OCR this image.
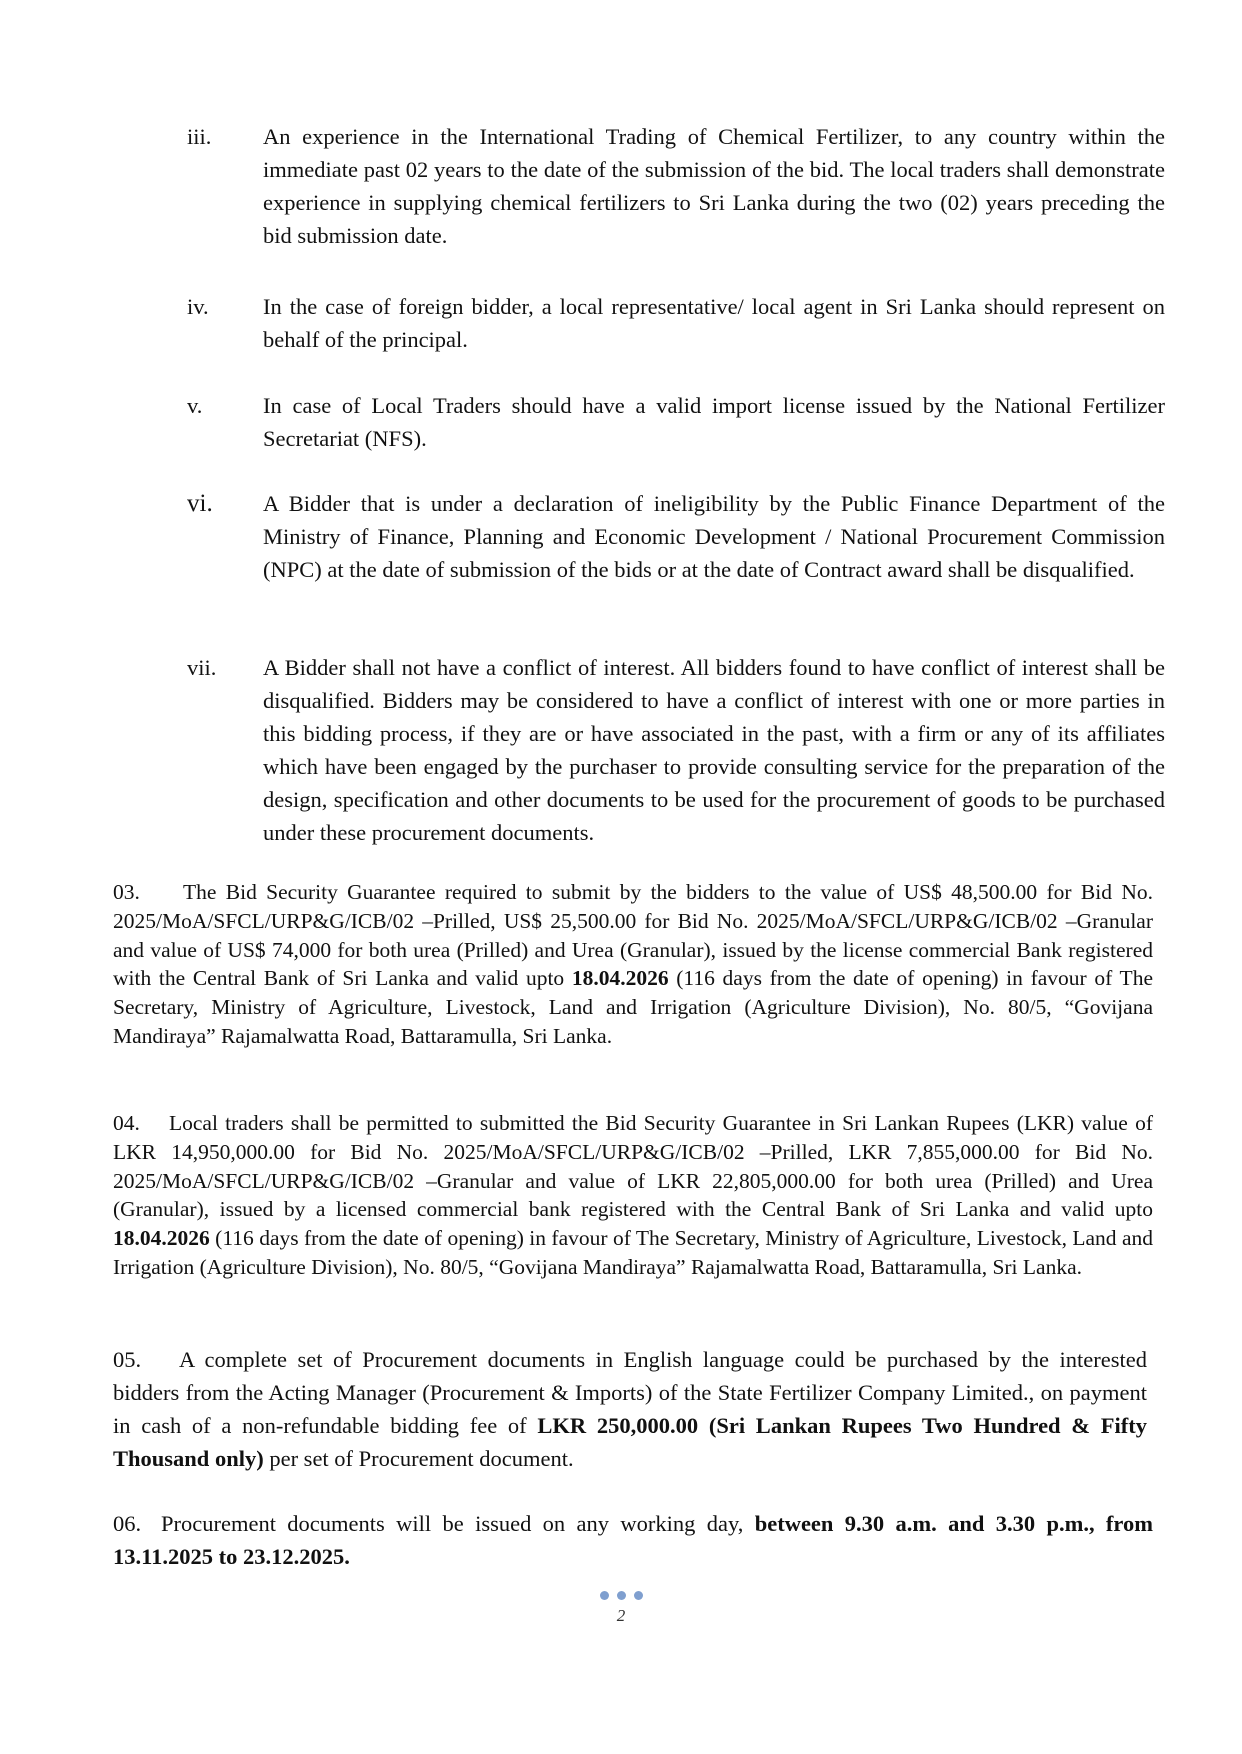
iii.	An experience in the International Trading of Chemical Fertilizer, to any country within the immediate past 02 years to the date of the submission of the bid. The local traders shall demonstrate experience in supplying chemical fertilizers to Sri Lanka during the two (02) years preceding the bid submission date.
iv.	In the case of foreign bidder, a local representative/ local agent in Sri Lanka should represent on behalf of the principal.
v.	In case of Local Traders should have a valid import license issued by the National Fertilizer Secretariat (NFS).
vi.	A Bidder that is under a declaration of ineligibility by the Public Finance Department of the Ministry of Finance, Planning and Economic Development / National Procurement Commission (NPC) at the date of submission of the bids or at the date of Contract award shall be disqualified.
vii.	A Bidder shall not have a conflict of interest. All bidders found to have conflict of interest shall be disqualified. Bidders may be considered to have a conflict of interest with one or more parties in this bidding process, if they are or have associated in the past, with a firm or any of its affiliates which have been engaged by the purchaser to provide consulting service for the preparation of the design, specification and other documents to be used for the procurement of goods to be purchased under these procurement documents.
03. The Bid Security Guarantee required to submit by the bidders to the value of US$ 48,500.00 for Bid No. 2025/MoA/SFCL/URP&G/ICB/02 –Prilled, US$ 25,500.00 for Bid No. 2025/MoA/SFCL/URP&G/ICB/02 –Granular and value of US$ 74,000 for both urea (Prilled) and Urea (Granular), issued by the license commercial Bank registered with the Central Bank of Sri Lanka and valid upto 18.04.2026 (116 days from the date of opening) in favour of The Secretary, Ministry of Agriculture, Livestock, Land and Irrigation (Agriculture Division), No. 80/5, “Govijana Mandiraya” Rajamalwatta Road, Battaramulla, Sri Lanka.
04. Local traders shall be permitted to submitted the Bid Security Guarantee in Sri Lankan Rupees (LKR) value of LKR 14,950,000.00 for Bid No. 2025/MoA/SFCL/URP&G/ICB/02 –Prilled, LKR 7,855,000.00 for Bid No. 2025/MoA/SFCL/URP&G/ICB/02 –Granular and value of LKR 22,805,000.00 for both urea (Prilled) and Urea (Granular), issued by a licensed commercial bank registered with the Central Bank of Sri Lanka and valid upto 18.04.2026 (116 days from the date of opening) in favour of The Secretary, Ministry of Agriculture, Livestock, Land and Irrigation (Agriculture Division), No. 80/5, “Govijana Mandiraya” Rajamalwatta Road, Battaramulla, Sri Lanka.
05. A complete set of Procurement documents in English language could be purchased by the interested bidders from the Acting Manager (Procurement & Imports) of the State Fertilizer Company Limited., on payment in cash of a non-refundable bidding fee of LKR 250,000.00 (Sri Lankan Rupees Two Hundred & Fifty Thousand only) per set of Procurement document.
06. Procurement documents will be issued on any working day, between 9.30 a.m. and 3.30 p.m., from 13.11.2025 to 23.12.2025.
2
